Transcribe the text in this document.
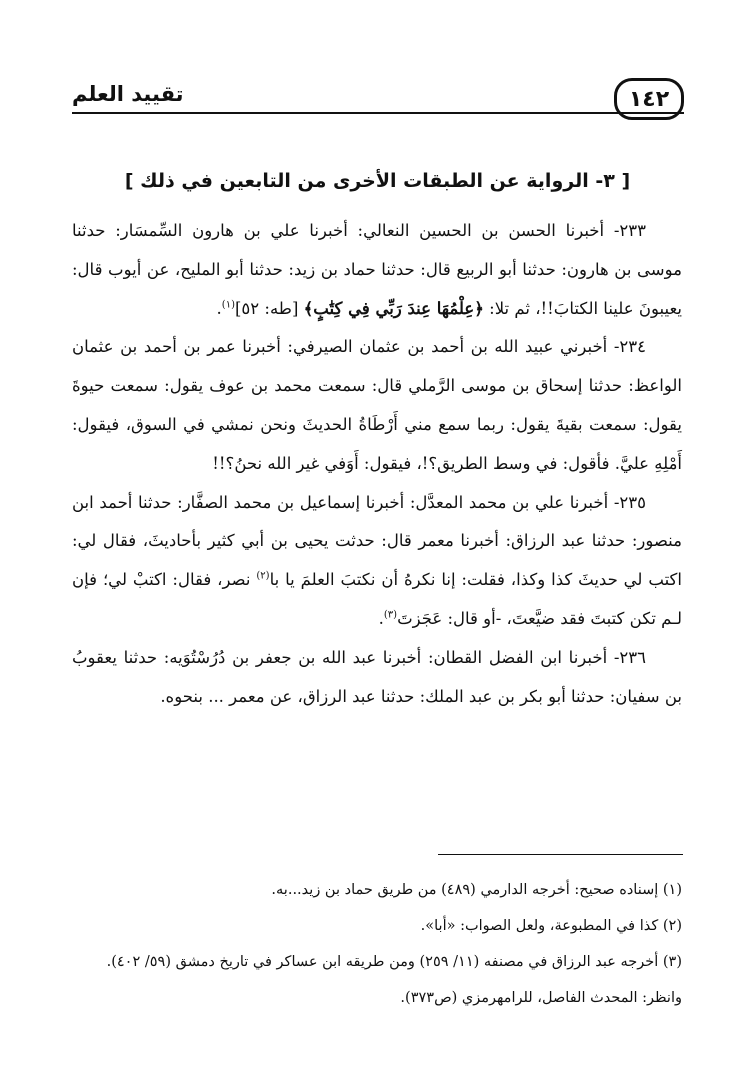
١٤٢
تقييد العلم
[ ٣- الرواية عن الطبقات الأخرى من التابعين في ذلك ]

٢٣٣- أخبرنا الحسن بن الحسين النعالي: أخبرنا علي بن هارون السِّمسَار: حدثنا موسى بن هارون: حدثنا أبو الربيع قال: حدثنا حماد بن زيد: حدثنا أبو المليح، عن أيوب قال: يعيبونَ علينا الكتابَ!!، ثم تلا: ﴿عِلْمُهَا عِندَ رَبِّي فِي كِتَٰبٍ﴾ [طه: ٥٢]$^{(١)}$.

٢٣٤- أخبرني عبيد الله بن أحمد بن عثمان الصيرفي: أخبرنا عمر بن أحمد بن عثمان الواعظ: حدثنا إسحاق بن موسى الرَّملي قال: سمعت محمد بن عوف يقول: سمعت حيوةَ يقول: سمعت بقيةَ يقول: ربما سمع مني أَرْطَاةُ الحديثَ ونحن نمشي في السوق، فيقول: أَمْلِهِ عليَّ. فأقول: في وسط الطريق؟!، فيقول: أَوَفي غير الله نحنُ؟!!

٢٣٥- أخبرنا علي بن محمد المعدَّل: أخبرنا إسماعيل بن محمد الصفَّار: حدثنا أحمد ابن منصور: حدثنا عبد الرزاق: أخبرنا معمر قال: حدثت يحيى بن أبي كثير بأحاديثَ، فقال لي: اكتب لي حديثَ كذا وكذا، فقلت: إنا نكرهُ أن نكتبَ العلمَ يا با$^{(٢)}$ نصر، فقال: اكتبْ لي؛ فإن لـم تكن كتبتَ فقد ضيَّعتَ، -أو قال: عَجَزتَ$^{(٣)}$.

٢٣٦- أخبرنا ابن الفضل القطان: أخبرنا عبد الله بن جعفر بن دُرُسْتُوَيه: حدثنا يعقوبُ بن سفيان: حدثنا أبو بكر بن عبد الملك: حدثنا عبد الرزاق، عن معمر ... بنحوه.

(١) إسناده صحيح: أخرجه الدارمي (٤٨٩) من طريق حماد بن زيد...به.

(٢) كذا في المطبوعة، ولعل الصواب: «أبا».

(٣) أخرجه عبد الرزاق في مصنفه (١١/ ٢٥٩) ومن طريقه ابن عساكر في تاريخ دمشق (٥٩/ ٤٠٢). وانظر: المحدث الفاصل، للرامهرمزي (ص٣٧٣).
